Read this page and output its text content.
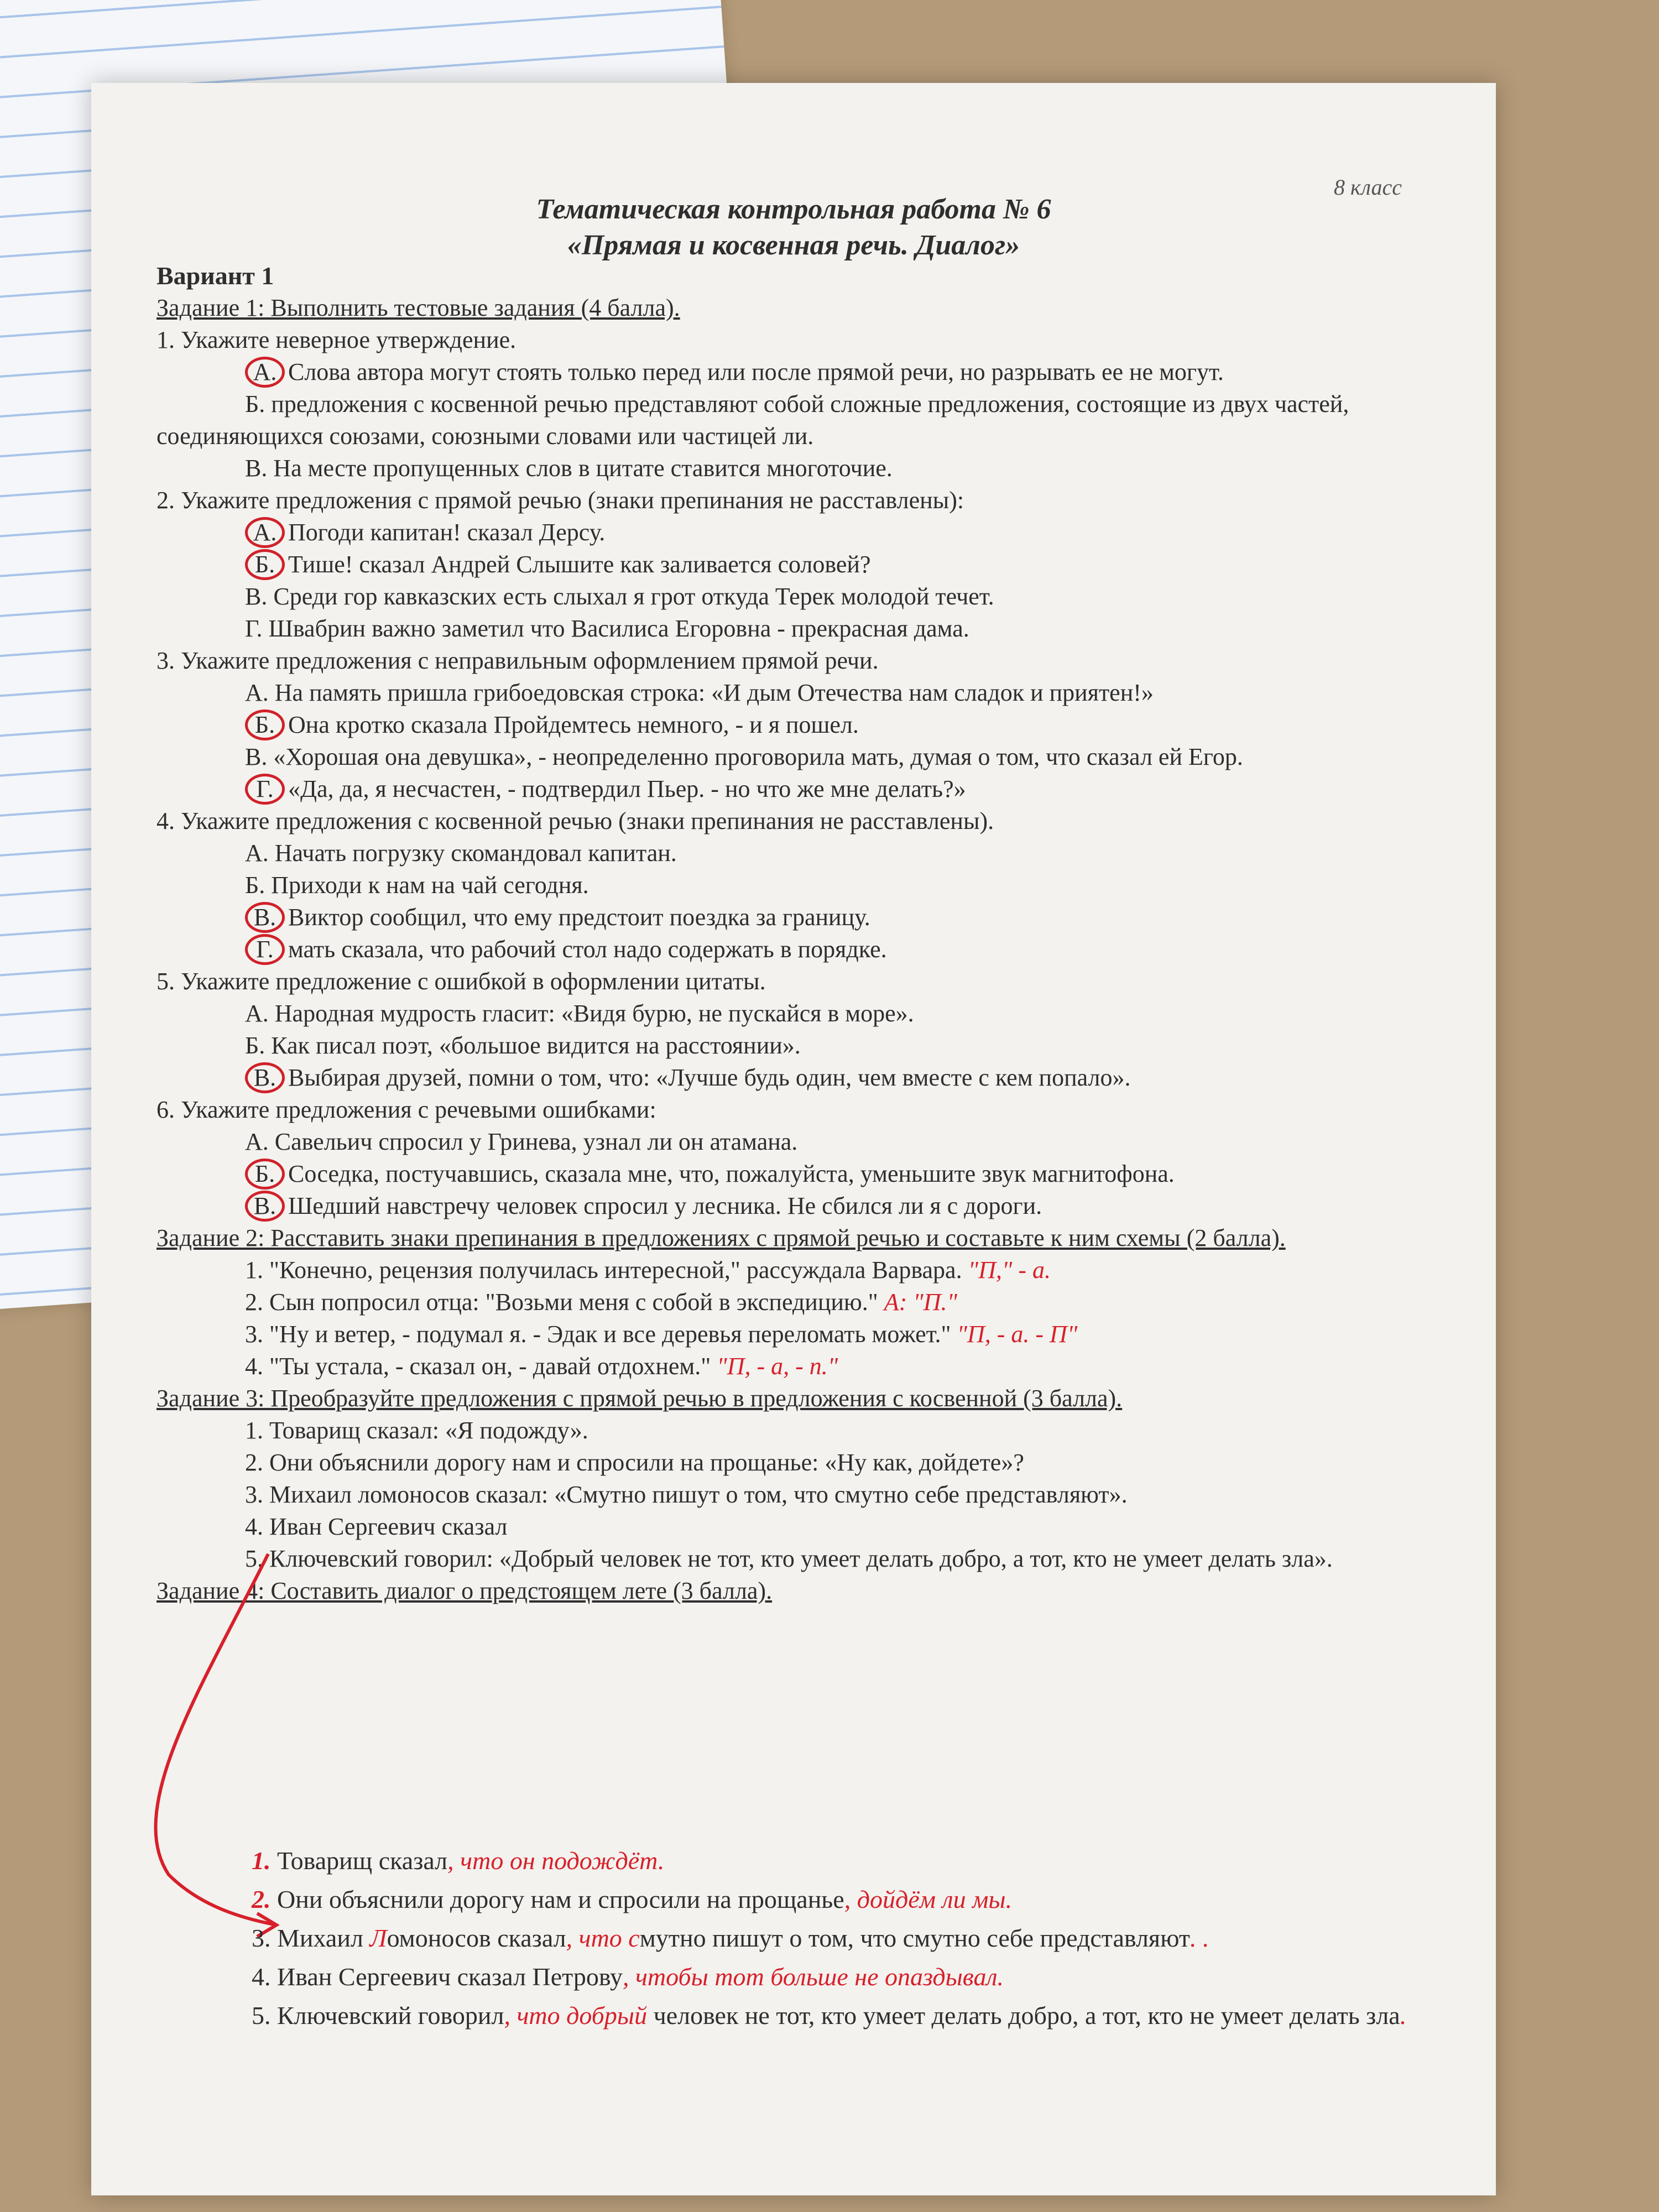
8 класс
Тематическая контрольная работа № 6
«Прямая и косвенная речь. Диалог»
Вариант 1
Задание 1: Выполнить тестовые задания (4 балла).
1. Укажите неверное утверждение.
А. Слова автора могут стоять только перед или после прямой речи, но разрывать ее не могут.
Б. предложения с косвенной речью представляют собой сложные предложения, состоящие из двух частей, соединяющихся союзами, союзными словами или частицей ли.
В. На месте пропущенных слов в цитате ставится многоточие.
2. Укажите предложения с прямой речью (знаки препинания не расставлены):
А. Погоди капитан! сказал Дерсу.
Б. Тише! сказал Андрей Слышите как заливается соловей?
В. Среди гор кавказских есть слыхал я грот откуда Терек молодой течет.
Г. Швабрин важно заметил что Василиса Егоровна - прекрасная дама.
3. Укажите предложения с неправильным оформлением прямой речи.
А. На память пришла грибоедовская строка: «И дым Отечества нам сладок и приятен!»
Б. Она кротко сказала Пройдемтесь немного, - и я пошел.
В. «Хорошая она девушка», - неопределенно проговорила мать, думая о том, что сказал ей Егор.
Г. «Да, да, я несчастен, - подтвердил Пьер. - но что же мне делать?»
4. Укажите предложения с косвенной речью (знаки препинания не расставлены).
А. Начать погрузку скомандовал капитан.
Б. Приходи к нам на чай сегодня.
В. Виктор сообщил, что ему предстоит поездка за границу.
Г. мать сказала, что рабочий стол надо содержать в порядке.
5. Укажите предложение с ошибкой в оформлении цитаты.
А. Народная мудрость гласит: «Видя бурю, не пускайся в море».
Б. Как писал поэт, «большое видится на расстоянии».
В. Выбирая друзей, помни о том, что: «Лучше будь один, чем вместе с кем попало».
6. Укажите предложения с речевыми ошибками:
А. Савельич спросил у Гринева, узнал ли он атамана.
Б. Соседка, постучавшись, сказала мне, что, пожалуйста, уменьшите звук магнитофона.
В. Шедший навстречу человек спросил у лесника. Не сбился ли я с дороги.
Задание 2: Расставить знаки препинания в предложениях с прямой речью и составьте к ним схемы (2 балла).
1. "Конечно, рецензия получилась интересной," рассуждала Варвара. "П," - а.
2. Сын попросил отца: "Возьми меня с собой в экспедицию." А: "П."
3. "Ну и ветер, - подумал я. - Эдак и все деревья переломать может." "П, - а. - П"
4. "Ты устала, - сказал он, - давай отдохнем." "П, - а, - п."
Задание 3: Преобразуйте предложения с прямой речью в предложения с косвенной (3 балла).
1. Товарищ сказал: «Я подожду».
2. Они объяснили дорогу нам и спросили на прощанье: «Ну как, дойдете»?
3. Михаил ломоносов сказал: «Смутно пишут о том, что смутно себе представляют».
4. Иван Сергеевич сказал
5. Ключевский говорил: «Добрый человек не тот, кто умеет делать добро, а тот, кто не умеет делать зла».
Задание 4: Составить диалог о предстоящем лете (3 балла).
1. Товарищ сказал, что он подождёт.
2. Они объяснили дорогу нам и спросили на прощанье, дойдём ли мы.
3. Михаил Ломоносов сказал, что смутно пишут о том, что смутно себе представляют. .
4. Иван Сергеевич сказал Петрову, чтобы тот больше не опаздывал.
5. Ключевский говорил, что добрый человек не тот, кто умеет делать добро, а тот, кто не умеет делать зла.
